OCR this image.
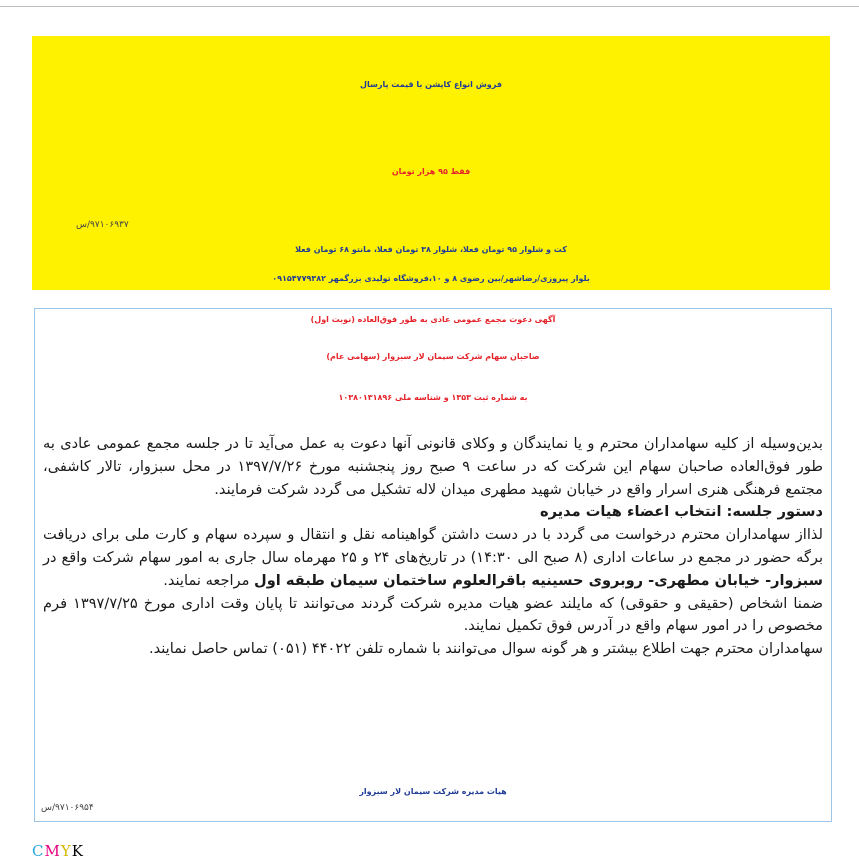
فروش انواع کاپشن با قیمت پارسال
فقط ۹۵ هزار تومان
۹۷۱۰۶۹۳۷/س
کت و شلوار ۹۵ تومان فعلا، شلوار ۳۸ تومان فعلا، مانتو ۶۸ تومان فعلا
بلوار پیروزی/رضاشهر/بین رضوی ۸ و ۱۰،فروشگاه تولیدی بزرگمهر ۰۹۱۵۴۷۷۹۳۸۲
آگهی دعوت مجمع عمومی عادی به طور فوق‌العاده (نوبت اول)
صاحبان سهام شرکت سیمان لار سبزوار (سهامی عام)
به شماره ثبت ۱۳۵۳ و شناسه ملی ۱۰۳۸۰۱۳۱۸۹۶

بدین‌وسیله از کلیه سهامداران محترم و یا نمایندگان و وکلای قانونی آنها دعوت به عمل می‌آید تا در جلسه مجمع عمومی عادی به طور فوق‌العاده صاحبان سهام این شرکت که در ساعت ۹ صبح روز پنجشنبه مورخ ۱۳۹۷/۷/۲۶ در محل سبزوار، تالار کاشفی، مجتمع فرهنگی هنری اسرار واقع در خیابان شهید مطهری میدان لاله تشکیل می گردد شرکت فرمایند.

دستور جلسه: انتخاب اعضاء هیات مدیره

لذااز سهامداران محترم درخواست می گردد با در دست داشتن گواهینامه نقل و انتقال و سپرده سهام و کارت ملی برای دریافت برگه حضور در مجمع در ساعات اداری (۸ صبح الی ۱۴:۳۰) در تاریخ‌های ۲۴ و ۲۵ مهرماه سال جاری به امور سهام شرکت واقع در سبزوار- خیابان مطهری- روبروی حسینیه باقرالعلوم ساختمان سیمان طبقه اول مراجعه نمایند.

ضمنا اشخاص (حقیقی و حقوقی) که مایلند عضو هیات مدیره شرکت گردند می‌توانند تا پایان وقت اداری مورخ ۱۳۹۷/۷/۲۵ فرم مخصوص را در امور سهام واقع در آدرس فوق تکمیل نمایند.

سهامداران محترم جهت اطلاع بیشتر و هر گونه سوال می‌توانند با شماره تلفن ۴۴۰۲۲ (۰۵۱) تماس حاصل نمایند.

هیات مدیره شرکت سیمان لار سبزوار
۹۷۱۰۶۹۵۴/س
CMYK
